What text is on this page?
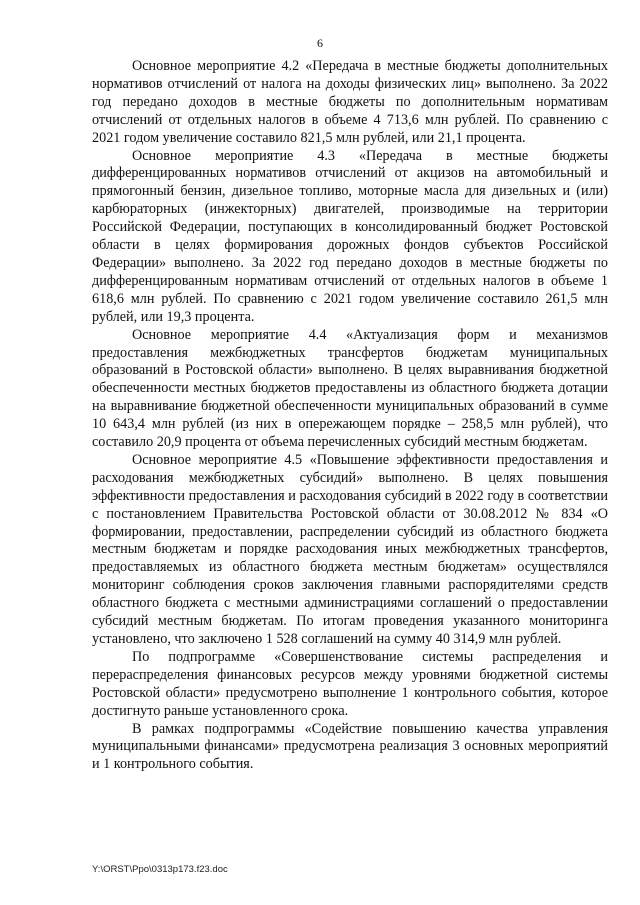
6

Основное мероприятие 4.2 «Передача в местные бюджеты дополнительных нормативов отчислений от налога на доходы физических лиц» выполнено. За 2022 год передано доходов в местные бюджеты по дополнительным нормативам отчислений от отдельных налогов в объеме 4 713,6 млн рублей. По сравнению с 2021 годом увеличение составило 821,5 млн рублей, или 21,1 процента.

Основное мероприятие 4.3 «Передача в местные бюджеты дифференцированных нормативов отчислений от акцизов на автомобильный и прямогонный бензин, дизельное топливо, моторные масла для дизельных и (или) карбюраторных (инжекторных) двигателей, производимые на территории Российской Федерации, поступающих в консолидированный бюджет Ростовской области в целях формирования дорожных фондов субъектов Российской Федерации» выполнено. За 2022 год передано доходов в местные бюджеты по дифференцированным нормативам отчислений от отдельных налогов в объеме 1 618,6 млн рублей. По сравнению с 2021 годом увеличение составило 261,5 млн рублей, или 19,3 процента.

Основное мероприятие 4.4 «Актуализация форм и механизмов предоставления межбюджетных трансфертов бюджетам муниципальных образований в Ростовской области» выполнено. В целях выравнивания бюджетной обеспеченности местных бюджетов предоставлены из областного бюджета дотации на выравнивание бюджетной обеспеченности муниципальных образований в сумме 10 643,4 млн рублей (из них в опережающем порядке – 258,5 млн рублей), что составило 20,9 процента от объема перечисленных субсидий местным бюджетам.

Основное мероприятие 4.5 «Повышение эффективности предоставления и расходования межбюджетных субсидий» выполнено. В целях повышения эффективности предоставления и расходования субсидий в 2022 году в соответствии с постановлением Правительства Ростовской области от 30.08.2012 № 834 «О формировании, предоставлении, распределении субсидий из областного бюджета местным бюджетам и порядке расходования иных межбюджетных трансфертов, предоставляемых из областного бюджета местным бюджетам» осуществлялся мониторинг соблюдения сроков заключения главными распорядителями средств областного бюджета с местными администрациями соглашений о предоставлении субсидий местным бюджетам. По итогам проведения указанного мониторинга установлено, что заключено 1 528 соглашений на сумму 40 314,9 млн рублей.

По подпрограмме «Совершенствование системы распределения и перераспределения финансовых ресурсов между уровнями бюджетной системы Ростовской области» предусмотрено выполнение 1 контрольного события, которое достигнуто раньше установленного срока.

В рамках подпрограммы «Содействие повышению качества управления муниципальными финансами» предусмотрена реализация 3 основных мероприятий и 1 контрольного события.

Y:\ORST\Ppo\0313p173.f23.doc
